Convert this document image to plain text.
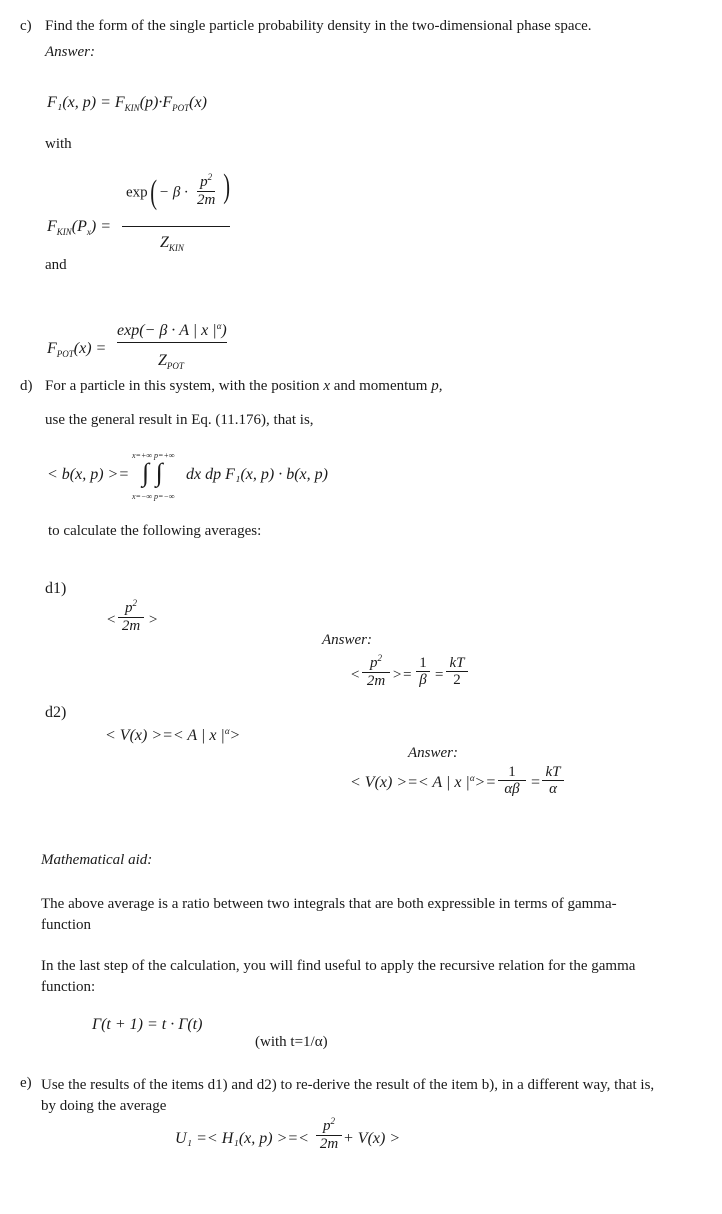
c) Find the form of the single particle probability density in the two-dimensional phase space.
Answer:
F₁(x, $p) = F_{KIN}(p)\cdot F_{POT}(x)$
with
$F_{KIN}(P_x)$ =
exp( − β ·
$p^2$
2m )
$Z_{KIN}$
and
$F_{POT}(x)$ =
exp(− β · A | x $|^\alpha$)
$Z_{POT}$
d) For a particle in this system, with the position x and momentum p,
use the general result in Eq. (11.176), that is,
< b(x, p) >=
x=+∞ p=+∞
∫ ∫
x=−∞ p=−∞
dx dp F₁(x, p) · b(x, p)
to calculate the following averages:
d1)
<
$p^2$
2m >
Answer:
<
$p^2$
2m >=
1
β =
kT
2
d2)
< V(x) >=< A | x $|^\alpha>$
Answer:
< V(x) >=< A | x $|^\alpha>=$
1
αβ =
kT
α
Mathematical aid:
The above average is a ratio between two integrals that are both expressible in terms of gamma-function
In the last step of the calculation, you will find useful to apply the recursive relation for the gamma function:
Γ(t + 1) = t · Γ(t)
(with t=1/α)
e) Use the results of the items d1) and d2) to re-derive the result of the item b), in a different way, that is, by doing the average
U₁ =< H₁(x, p) >=<
$p^2$
2m + V(x) >
